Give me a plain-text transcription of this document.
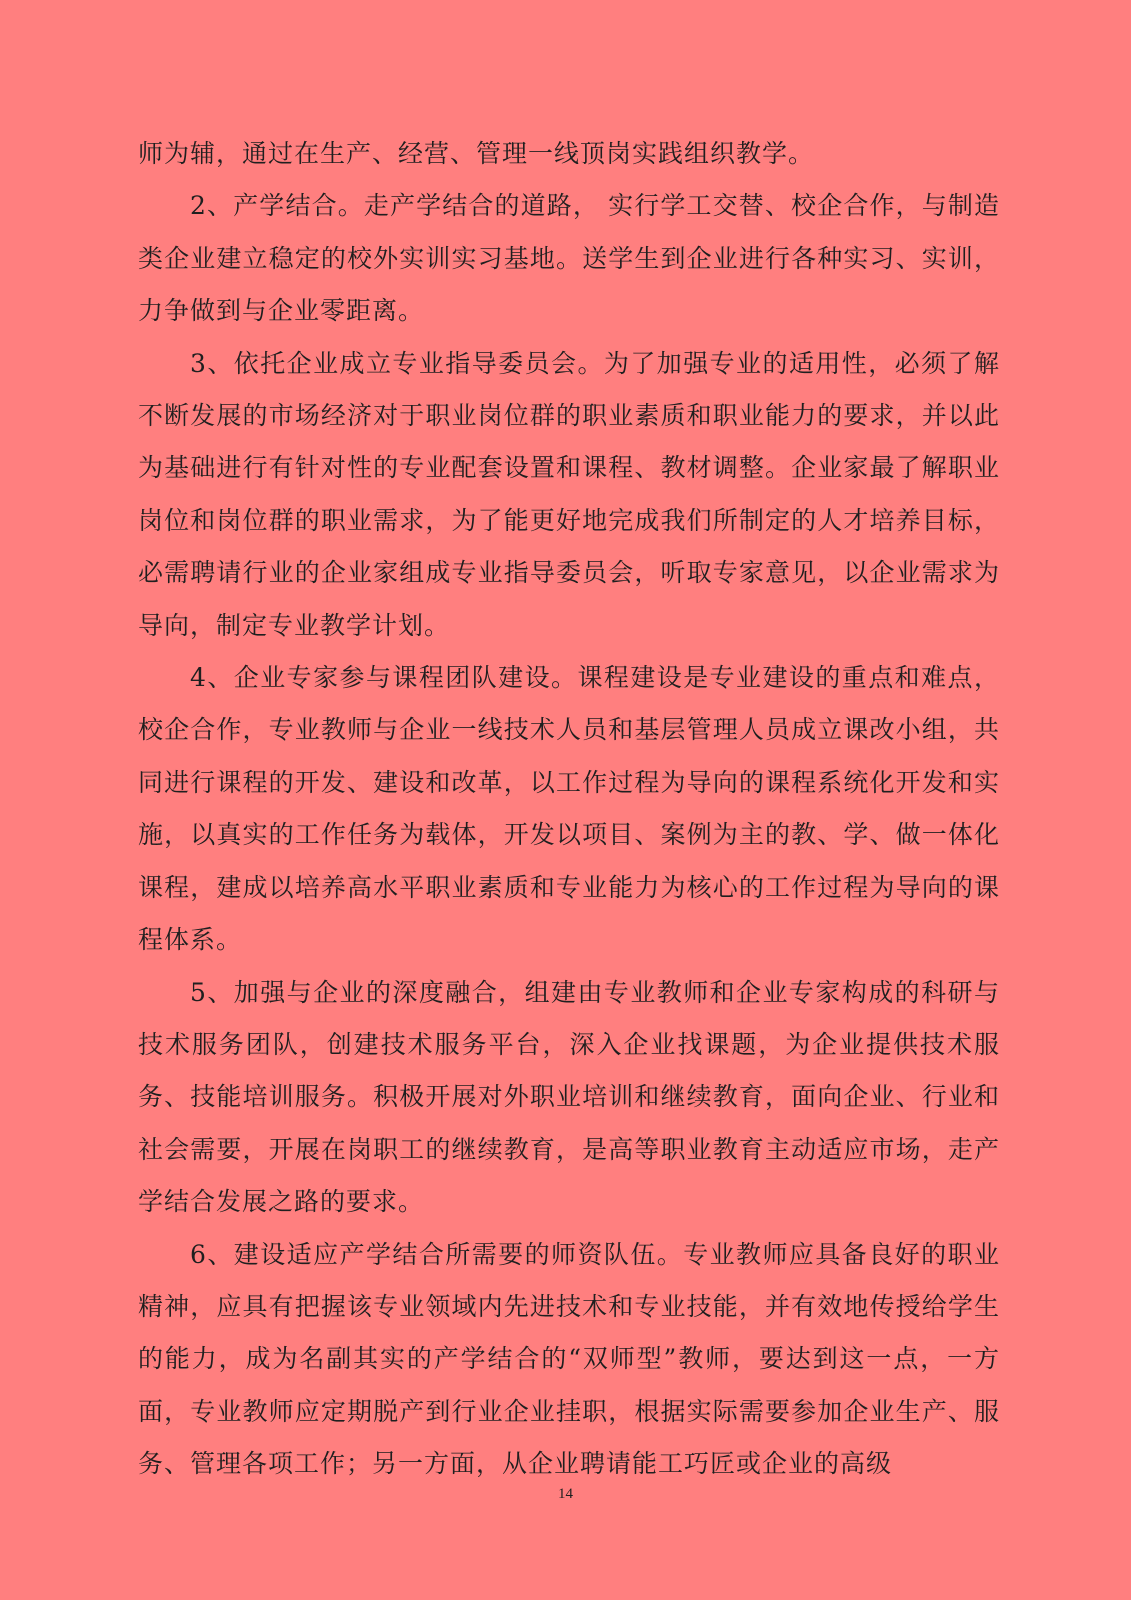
师为辅，通过在生产、经营、管理一线顶岗实践组织教学。

2、产学结合。走产学结合的道路， 实行学工交替、校企合作，与制造类企业建立稳定的校外实训实习基地。送学生到企业进行各种实习、实训，力争做到与企业零距离。

3、依托企业成立专业指导委员会。为了加强专业的适用性，必须了解不断发展的市场经济对于职业岗位群的职业素质和职业能力的要求，并以此为基础进行有针对性的专业配套设置和课程、教材调整。企业家最了解职业岗位和岗位群的职业需求，为了能更好地完成我们所制定的人才培养目标，必需聘请行业的企业家组成专业指导委员会，听取专家意见，以企业需求为导向，制定专业教学计划。

4、企业专家参与课程团队建设。课程建设是专业建设的重点和难点，校企合作，专业教师与企业一线技术人员和基层管理人员成立课改小组，共同进行课程的开发、建设和改革，以工作过程为导向的课程系统化开发和实施，以真实的工作任务为载体，开发以项目、案例为主的教、学、做一体化课程，建成以培养高水平职业素质和专业能力为核心的工作过程为导向的课程体系。

5、加强与企业的深度融合，组建由专业教师和企业专家构成的科研与技术服务团队，创建技术服务平台，深入企业找课题，为企业提供技术服务、技能培训服务。积极开展对外职业培训和继续教育，面向企业、行业和社会需要，开展在岗职工的继续教育，是高等职业教育主动适应市场，走产学结合发展之路的要求。

6、建设适应产学结合所需要的师资队伍。专业教师应具备良好的职业精神，应具有把握该专业领域内先进技术和专业技能，并有效地传授给学生的能力，成为名副其实的产学结合的“双师型”教师，要达到这一点，一方面，专业教师应定期脱产到行业企业挂职，根据实际需要参加企业生产、服务、管理各项工作；另一方面，从企业聘请能工巧匠或企业的高级

14
